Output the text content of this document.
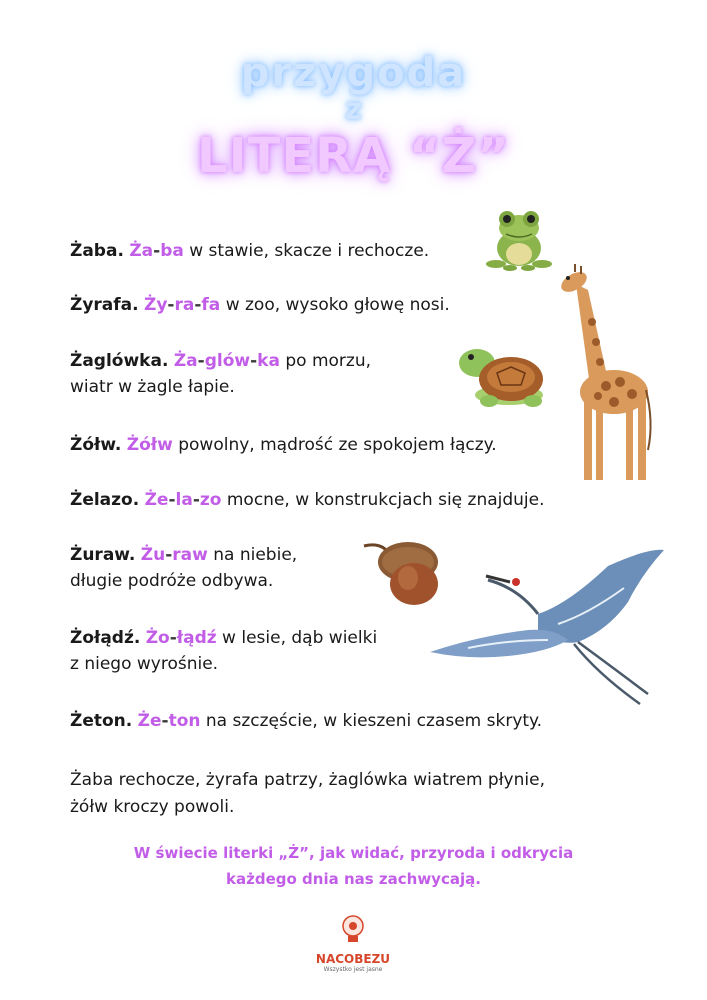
przygoda
z
LITERĄ “Ż”
Żaba. Ża-ba w stawie, skacze i rechocze.
Żyrafa. Ży-ra-fa w zoo, wysoko głowę nosi.
Żaglówka. Ża-glów-ka po morzu,
wiatr w żagle łapie.
Żółw. Żółw powolny, mądrość ze spokojem łączy.
Żelazo. Że-la-zo mocne, w konstrukcjach się znajduje.
Żuraw. Żu-raw na niebie,
długie podróże odbywa.
Żołądź. Żo-łądź w lesie, dąb wielki
z niego wyrośnie.
Żeton. Że-ton na szczęście, w kieszeni czasem skryty.
Żaba rechocze, żyrafa patrzy, żaglówka wiatrem płynie,
żółw kroczy powoli.
W świecie literki „Ż”, jak widać, przyroda i odkrycia
każdego dnia nas zachwycają.
NACOBEZU
Wszystko jest jasne
